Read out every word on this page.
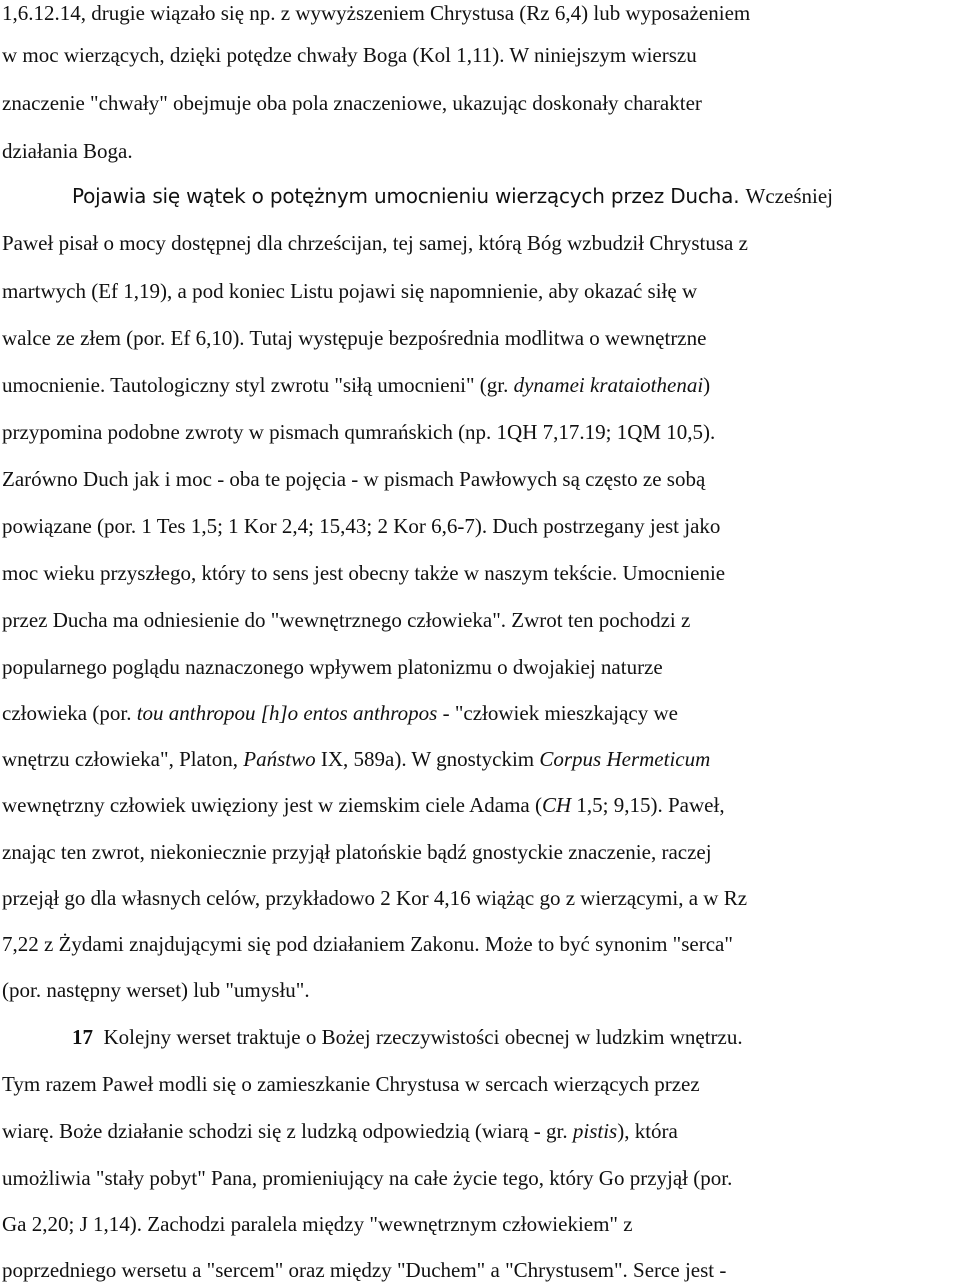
1,6.12.14, drugie wiązało się np. z wywyższeniem Chrystusa (Rz 6,4) lub wyposażeniem
w moc wierzących, dzięki potędze chwały Boga (Kol 1,11). W niniejszym wierszu
znaczenie "chwały" obejmuje oba pola znaczeniowe, ukazując doskonały charakter
działania Boga.
Pojawia się wątek o potężnym umocnieniu wierzących przez Ducha. Wcześniej
Paweł pisał o mocy dostępnej dla chrześcijan, tej samej, którą Bóg wzbudził Chrystusa z
martwych (Ef 1,19), a pod koniec Listu pojawi się napomnienie, aby okazać siłę w
walce ze złem (por. Ef 6,10). Tutaj występuje bezpośrednia modlitwa o wewnętrzne
umocnienie. Tautologiczny styl zwrotu "siłą umocnieni" (gr. dynamei krataiothenai)
przypomina podobne zwroty w pismach qumrańskich (np. 1QH 7,17.19; 1QM 10,5).
Zarówno Duch jak i moc - oba te pojęcia - w pismach Pawłowych są często ze sobą
powiązane (por. 1 Tes 1,5; 1 Kor 2,4; 15,43; 2 Kor 6,6-7). Duch postrzegany jest jako
moc wieku przyszłego, który to sens jest obecny także w naszym tekście. Umocnienie
przez Ducha ma odniesienie do "wewnętrznego człowieka". Zwrot ten pochodzi z
popularnego poglądu naznaczonego wpływem platonizmu o dwojakiej naturze
człowieka (por. tou anthropou [h]o entos anthropos - "człowiek mieszkający we
wnętrzu człowieka", Platon, Państwo IX, 589a). W gnostyckim Corpus Hermeticum
wewnętrzny człowiek uwięziony jest w ziemskim ciele Adama (CH 1,5; 9,15). Paweł,
znając ten zwrot, niekoniecznie przyjął platońskie bądź gnostyckie znaczenie, raczej
przejął go dla własnych celów, przykładowo 2 Kor 4,16 wiążąc go z wierzącymi, a w Rz
7,22 z Żydami znajdującymi się pod działaniem Zakonu. Może to być synonim "serca"
(por. następny werset) lub "umysłu".
17  Kolejny werset traktuje o Bożej rzeczywistości obecnej w ludzkim wnętrzu.
Tym razem Paweł modli się o zamieszkanie Chrystusa w sercach wierzących przez
wiarę. Boże działanie schodzi się z ludzką odpowiedzią (wiarą - gr. pistis), która
umożliwia "stały pobyt" Pana, promieniujący na całe życie tego, który Go przyjął (por.
Ga 2,20; J 1,14). Zachodzi paralela między "wewnętrznym człowiekiem" z
poprzedniego wersetu a "sercem" oraz między "Duchem" a "Chrystusem". Serce jest -
